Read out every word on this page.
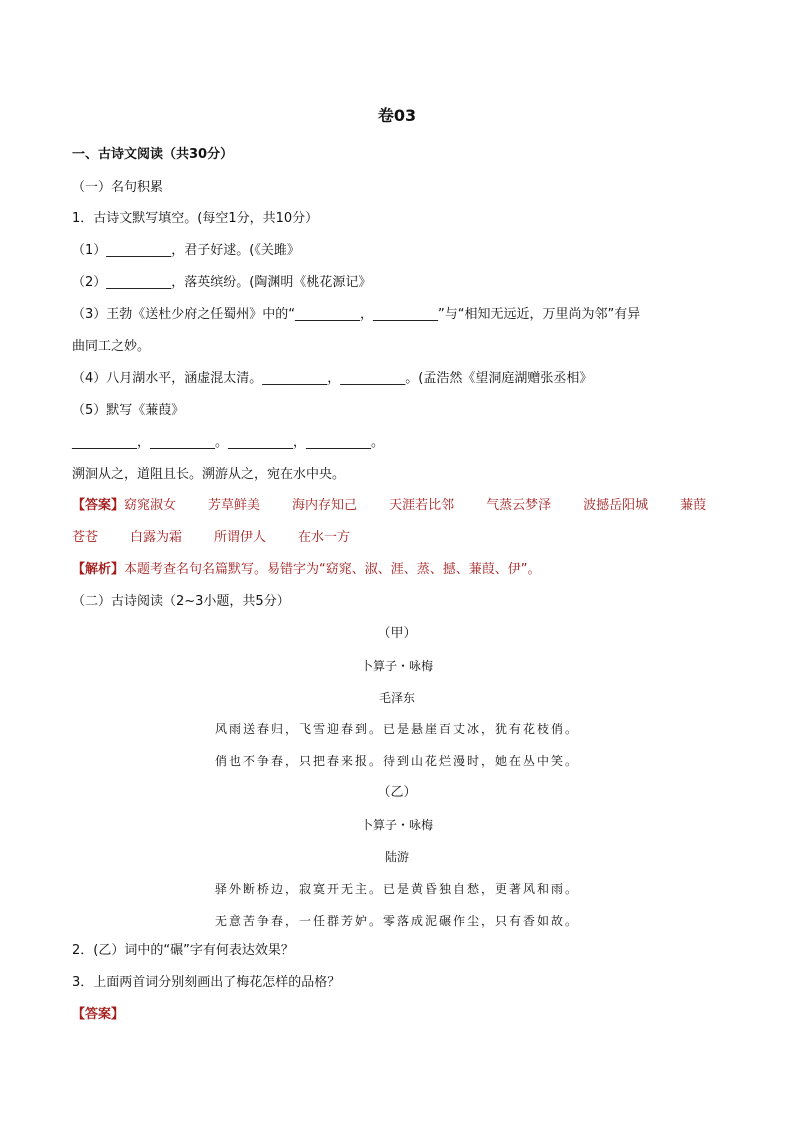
卷03
一、古诗文阅读（共30分）
（一）名句积累
1．古诗文默写填空。(每空1分，共10分）
（1）__________，君子好逑。(《关雎》
（2）__________，落英缤纷。(陶渊明《桃花源记》
（3）王勃《送杜少府之任蜀州》中的“__________，__________”与“相知无远近，万里尚为邻”有异
曲同工之妙。
（4）八月湖水平，涵虚混太清。__________，__________。(孟浩然《望洞庭湖赠张丞相》
（5）默写《蒹葭》
__________，__________。__________，__________。
溯洄从之，道阻且长。溯游从之，宛在水中央。
【答案】窈窕淑女 芳草鲜美 海内存知己 天涯若比邻 气蒸云梦泽 波撼岳阳城 蒹葭
苍苍 白露为霜 所谓伊人 在水一方
【解析】本题考查名句名篇默写。易错字为“窈窕、淑、涯、蒸、撼、蒹葭、伊”。
（二）古诗阅读（2~3小题，共5分）
（甲）
卜算子・咏梅
毛泽东
风雨送春归，飞雪迎春到。已是悬崖百丈冰，犹有花枝俏。
俏也不争春，只把春来报。待到山花烂漫时，她在丛中笑。
（乙）
卜算子・咏梅
陆游
驿外断桥边，寂寞开无主。已是黄昏独自愁，更著风和雨。
无意苦争春，一任群芳妒。零落成泥碾作尘，只有香如故。
2．(乙）词中的“碾”字有何表达效果？
3．上面两首词分别刻画出了梅花怎样的品格？
【答案】
